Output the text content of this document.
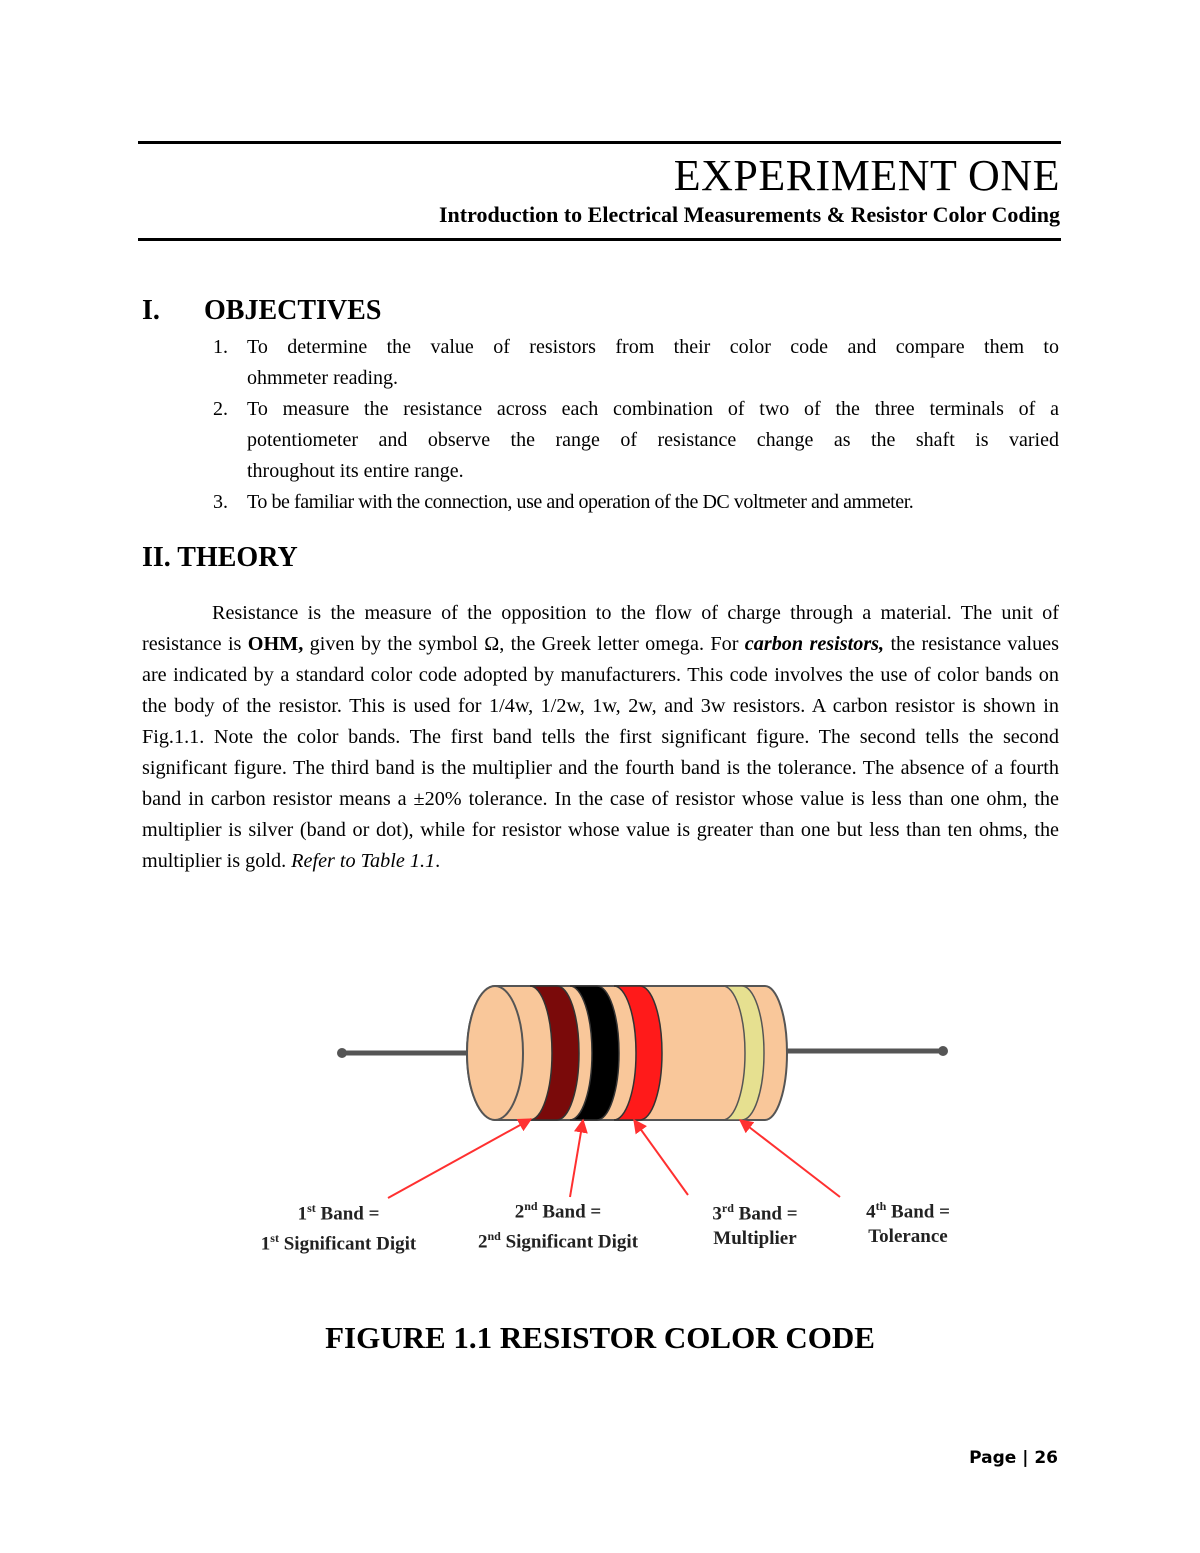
EXPERIMENT ONE
Introduction to Electrical Measurements & Resistor Color Coding
I. OBJECTIVES
1. To determine the value of resistors from their color code and compare them to
ohmmeter reading.
2. To measure the resistance across each combination of two of the three terminals of a
potentiometer and observe the range of resistance change as the shaft is varied
throughout its entire range.
3. To be familiar with the connection, use and operation of the DC voltmeter and ammeter.
II. THEORY

Resistance is the measure of the opposition to the flow of charge through a material. The unit of resistance is OHM, given by the symbol Ω, the Greek letter omega. For carbon resistors, the resistance values are indicated by a standard color code adopted by manufacturers. This code involves the use of color bands on the body of the resistor. This is used for 1/4w, 1/2w, 1w, 2w, and 3w resistors. A carbon resistor is shown in Fig.1.1. Note the color bands. The first band tells the first significant figure. The second tells the second significant figure. The third band is the multiplier and the fourth band is the tolerance. The absence of a fourth band in carbon resistor means a ±20% tolerance. In the case of resistor whose value is less than one ohm, the multiplier is silver (band or dot), while for resistor whose value is greater than one but less than ten ohms, the multiplier is gold. Refer to Table 1.1.

1st Band =
1st Significant Digit
2nd Band =
2nd Significant Digit
3rd Band =
Multiplier
4th Band =
Tolerance
FIGURE 1.1 RESISTOR COLOR CODE
Page | 26
